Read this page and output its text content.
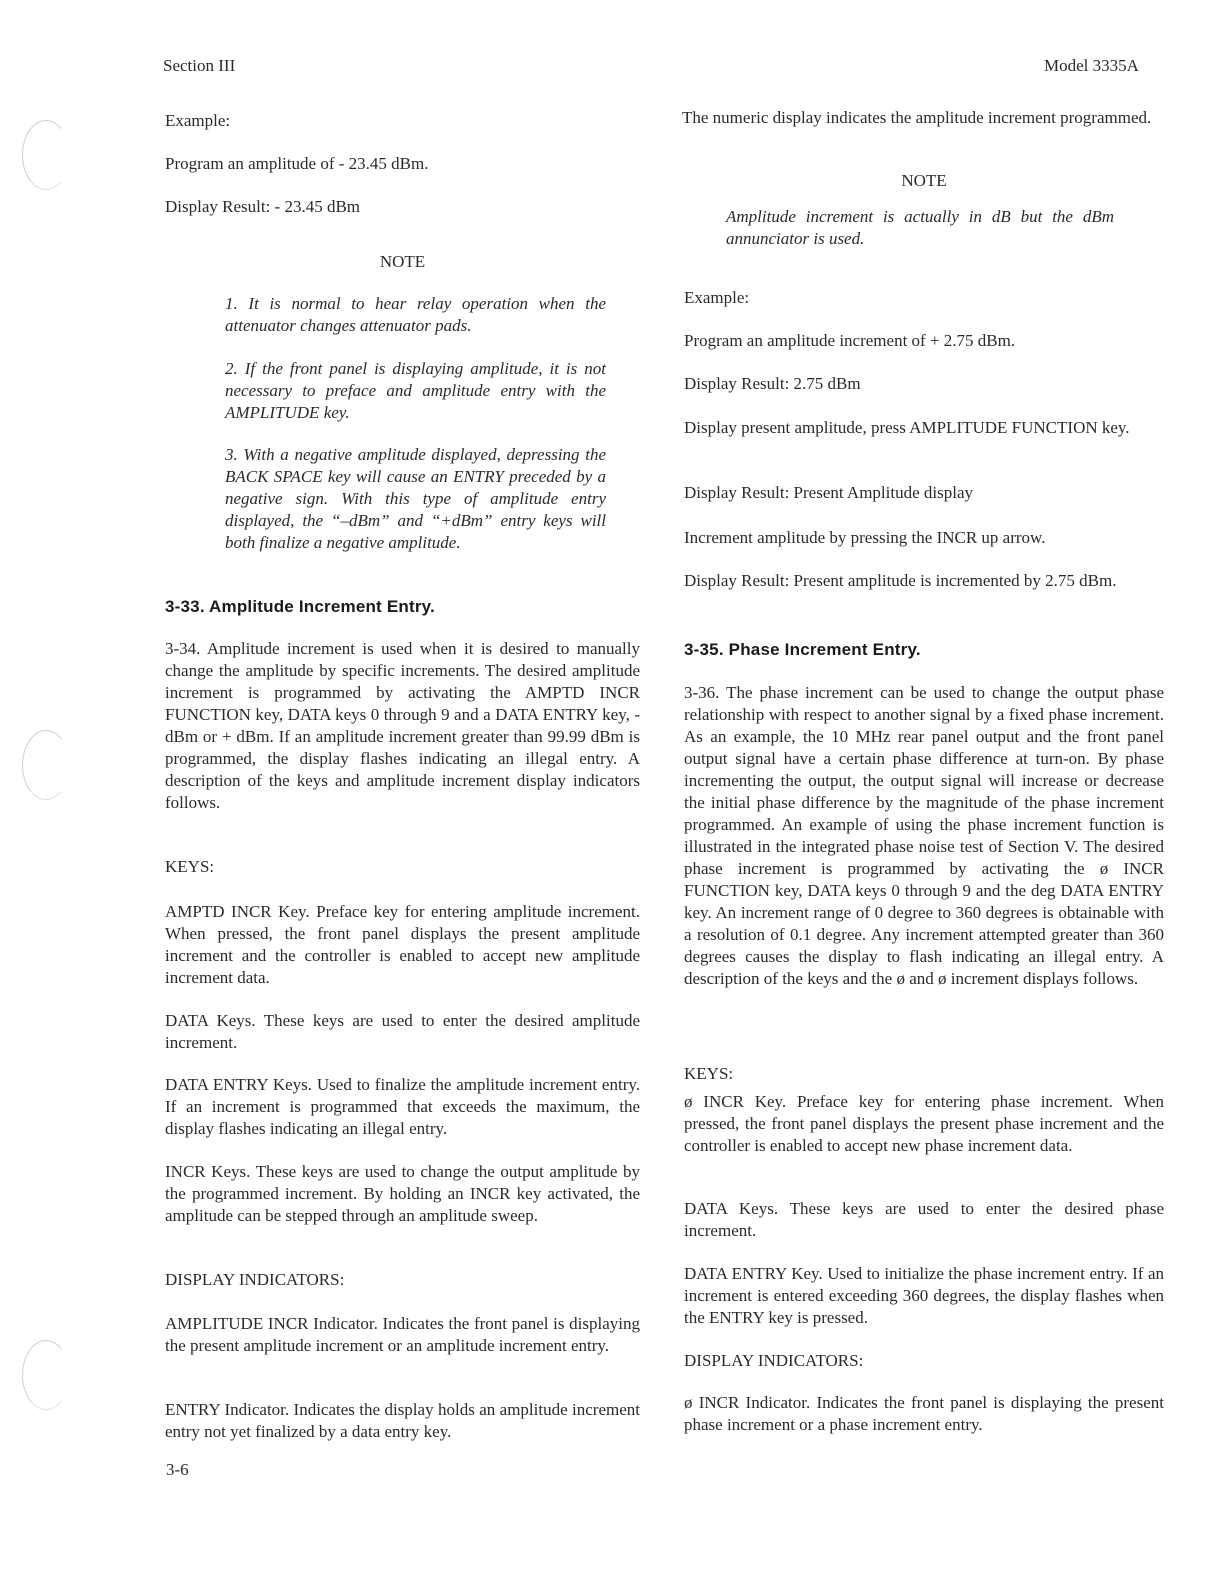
Section III	Model 3335A

Example:

Program an amplitude of - 23.45 dBm.

Display Result: - 23.45 dBm

NOTE

1. It is normal to hear relay operation when the attenuator changes attenuator pads.

2. If the front panel is displaying amplitude, it is not necessary to preface and amplitude entry with the AMPLITUDE key.

3. With a negative amplitude displayed, depressing the BACK SPACE key will cause an ENTRY preceded by a negative sign. With this type of amplitude entry displayed, the “–dBm” and “+dBm” entry keys will both finalize a negative amplitude.

3-33. Amplitude Increment Entry.

3-34. Amplitude increment is used when it is desired to manually change the amplitude by specific increments. The desired amplitude increment is programmed by activating the AMPTD INCR FUNCTION key, DATA keys 0 through 9 and a DATA ENTRY key, - dBm or + dBm. If an amplitude increment greater than 99.99 dBm is programmed, the display flashes indicating an illegal entry. A description of the keys and amplitude increment display indicators follows.

KEYS:

AMPTD INCR Key. Preface key for entering amplitude increment. When pressed, the front panel displays the present amplitude increment and the controller is enabled to accept new amplitude increment data.

DATA Keys. These keys are used to enter the desired amplitude increment.

DATA ENTRY Keys. Used to finalize the amplitude increment entry. If an increment is programmed that exceeds the maximum, the display flashes indicating an illegal entry.

INCR Keys. These keys are used to change the output amplitude by the programmed increment. By holding an INCR key activated, the amplitude can be stepped through an amplitude sweep.

DISPLAY INDICATORS:

AMPLITUDE INCR Indicator. Indicates the front panel is displaying the present amplitude increment or an amplitude increment entry.

ENTRY Indicator. Indicates the display holds an amplitude increment entry not yet finalized by a data entry key.

The numeric display indicates the amplitude increment programmed.

NOTE

Amplitude increment is actually in dB but the dBm annunciator is used.

Example:

Program an amplitude increment of + 2.75 dBm.

Display Result: 2.75 dBm

Display present amplitude, press AMPLITUDE FUNCTION key.

Display Result: Present Amplitude display

Increment amplitude by pressing the INCR up arrow.

Display Result: Present amplitude is incremented by 2.75 dBm.

3-35. Phase Increment Entry.

3-36. The phase increment can be used to change the output phase relationship with respect to another signal by a fixed phase increment. As an example, the 10 MHz rear panel output and the front panel output signal have a certain phase difference at turn-on. By phase incrementing the output, the output signal will increase or decrease the initial phase difference by the magnitude of the phase increment programmed. An example of using the phase increment function is illustrated in the integrated phase noise test of Section V. The desired phase increment is programmed by activating the ø INCR FUNCTION key, DATA keys 0 through 9 and the deg DATA ENTRY key. An increment range of 0 degree to 360 degrees is obtainable with a resolution of 0.1 degree. Any increment attempted greater than 360 degrees causes the display to flash indicating an illegal entry. A description of the keys and the ø and ø increment displays follows.

KEYS:

ø INCR Key. Preface key for entering phase increment. When pressed, the front panel displays the present phase increment and the controller is enabled to accept new phase increment data.

DATA Keys. These keys are used to enter the desired phase increment.

DATA ENTRY Key. Used to initialize the phase increment entry. If an increment is entered exceeding 360 degrees, the display flashes when the ENTRY key is pressed.

DISPLAY INDICATORS:

ø INCR Indicator. Indicates the front panel is displaying the present phase increment or a phase increment entry.

3-6
